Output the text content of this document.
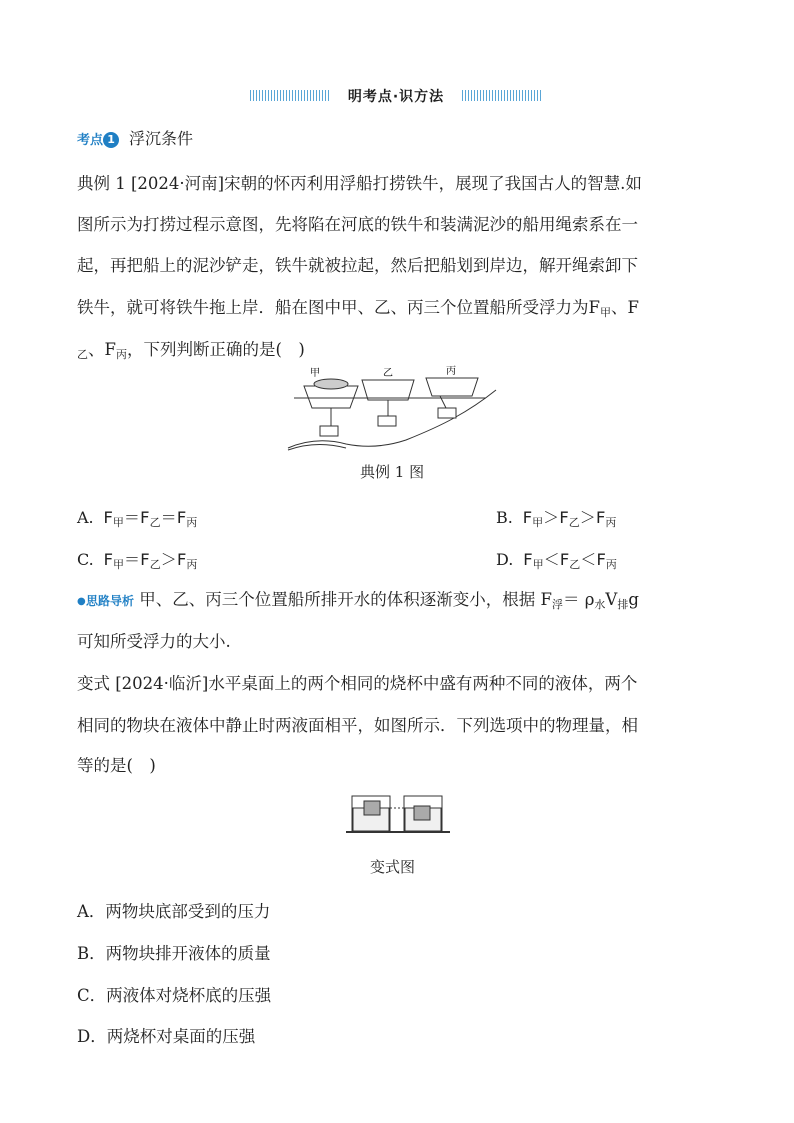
明考点·识方法
考点 1 浮沉条件
典例 1 [2024·河南]宋朝的怀丙利用浮船打捞铁牛，展现了我国古人的智慧.如
图所示为打捞过程示意图，先将陷在河底的铁牛和装满泥沙的船用绳索系在一
起，再把船上的泥沙铲走，铁牛就被拉起，然后把船划到岸边，解开绳索卸下
铁牛，就可将铁牛拖上岸．船在图中甲、乙、丙三个位置船所受浮力为$F_甲$、F
$_乙$、$F_丙$，下列判断正确的是(　)
甲	乙	丙
典例 1 图
A. $F_甲=F_乙=F_丙$	B. $F_甲>F_乙>F_丙$
C. $F_甲=F_乙>F_丙$	D. $F_甲<F_乙<F_丙$
●思路导析 甲、乙、丙三个位置船所排开水的体积逐渐变小，根据 $F_浮= \rho_水V_排g$
可知所受浮力的大小.
变式 [2024·临沂]水平桌面上的两个相同的烧杯中盛有两种不同的液体，两个
相同的物块在液体中静止时两液面相平，如图所示．下列选项中的物理量，相
等的是(　)
变式图
A．两物块底部受到的压力
B．两物块排开液体的质量
C．两液体对烧杯底的压强
D．两烧杯对桌面的压强
